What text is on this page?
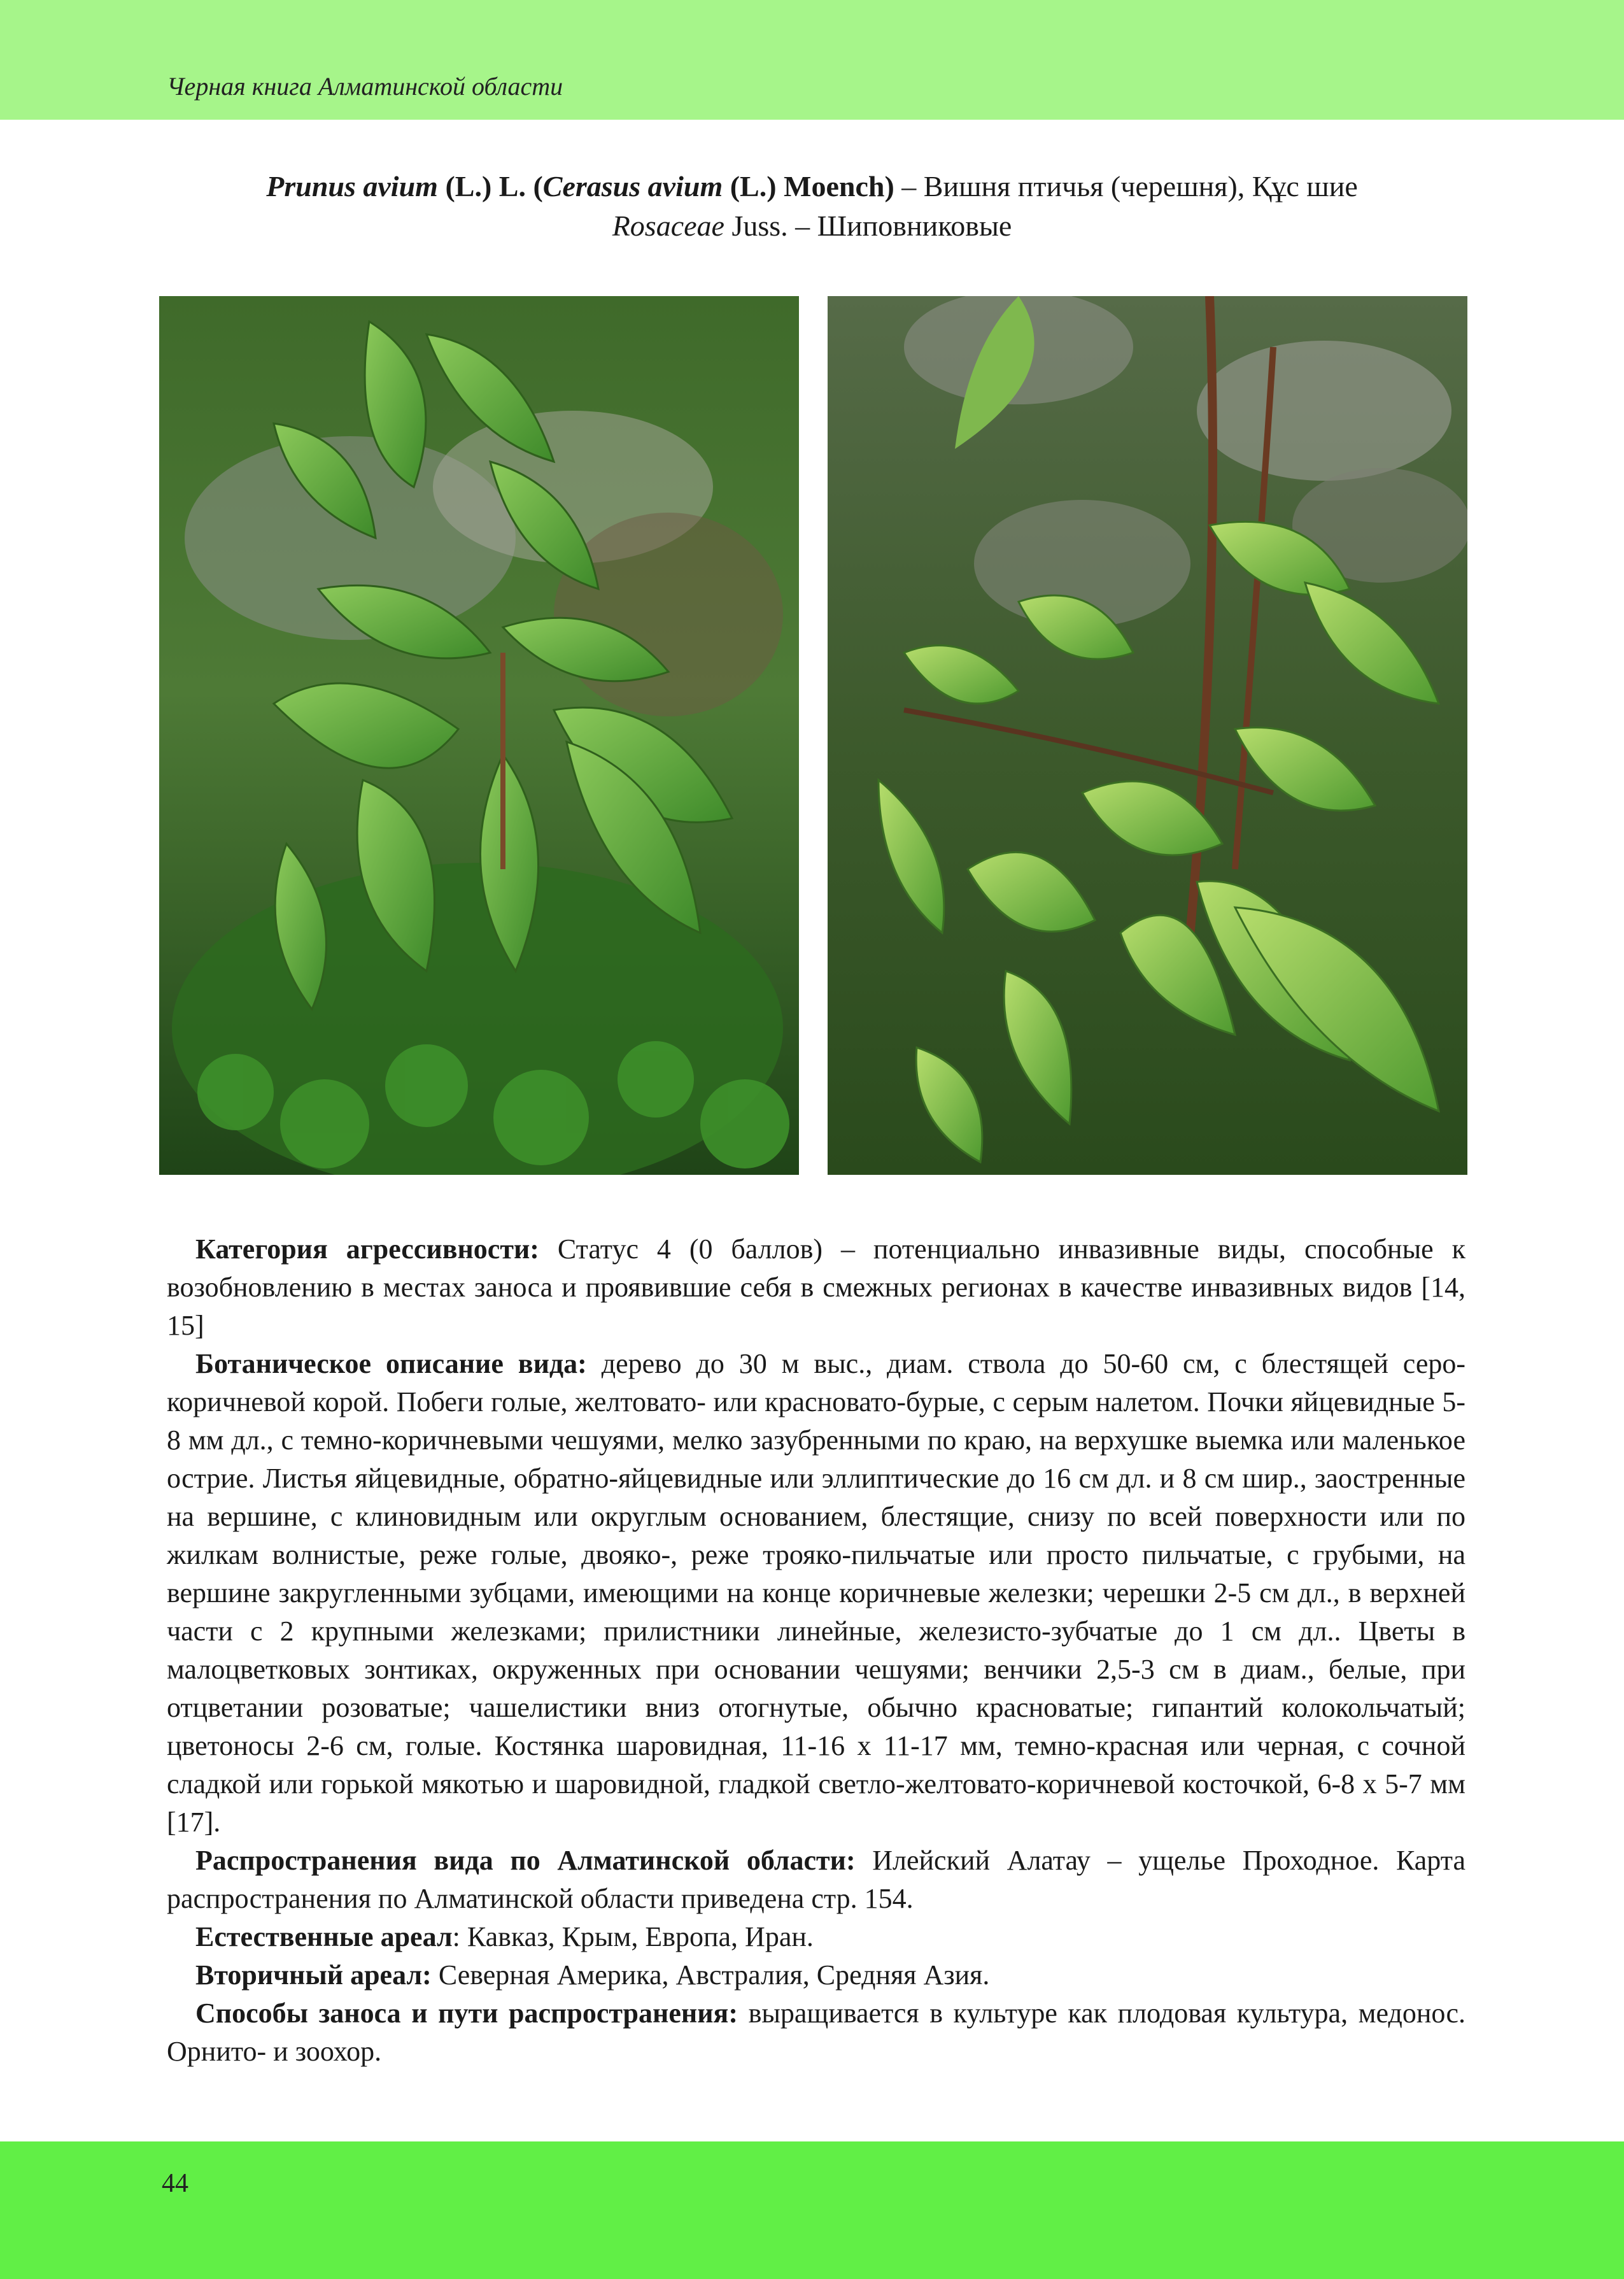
Черная книга Алматинской области
Prunus avium (L.) L. (Cerasus avium (L.) Moench) – Вишня птичья (черешня), Құс шие
Rosaceae Juss. – Шиповниковые

Категория агрессивности: Статус 4 (0 баллов) – потенциально инвазивные виды, способные к возобновлению в местах заноса и проявившие себя в смежных регионах в качестве инвазивных видов [14, 15]

Ботаническое описание вида: дерево до 30 м выс., диам. ствола до 50-60 см, с блестящей серо-коричневой корой. Побеги голые, желтовато- или красновато-бурые, с серым налетом. Почки яйцевидные 5-8 мм дл., с темно-коричневыми чешуями, мелко зазубренными по краю, на верхушке выемка или маленькое острие. Листья яйцевидные, обратно-яйцевидные или эллиптические до 16 см дл. и 8 см шир., заостренные на вершине, с клиновидным или округлым основанием, блестящие, снизу по всей поверхности или по жилкам волнистые, реже голые, двояко-, реже трояко-пильчатые или просто пильчатые, с грубыми, на вершине закругленными зубцами, имеющими на конце коричневые железки; черешки 2-5 см дл., в верхней части с 2 крупными железками; прилистники линейные, железисто-зубчатые до 1 см дл.. Цветы в малоцветковых зонтиках, окруженных при основании чешуями; венчики 2,5-3 см в диам., белые, при отцветании розоватые; чашелистики вниз отогнутые, обычно красноватые; гипантий колокольчатый; цветоносы 2-6 см, голые. Костянка шаровидная, 11-16 х 11-17 мм, темно-красная или черная, с сочной сладкой или горькой мякотью и шаровидной, гладкой светло-желтовато-коричневой косточкой, 6-8 х 5-7 мм [17].

Распространения вида по Алматинской области: Илейский Алатау – ущелье Проходное. Карта распространения по Алматинской области приведена стр. 154.

Естественные ареал: Кавказ, Крым, Европа, Иран.

Вторичный ареал: Северная Америка, Австралия, Средняя Азия.

Способы заноса и пути распространения: выращивается в культуре как плодовая культура, медонос. Орнито- и зоохор.

44
